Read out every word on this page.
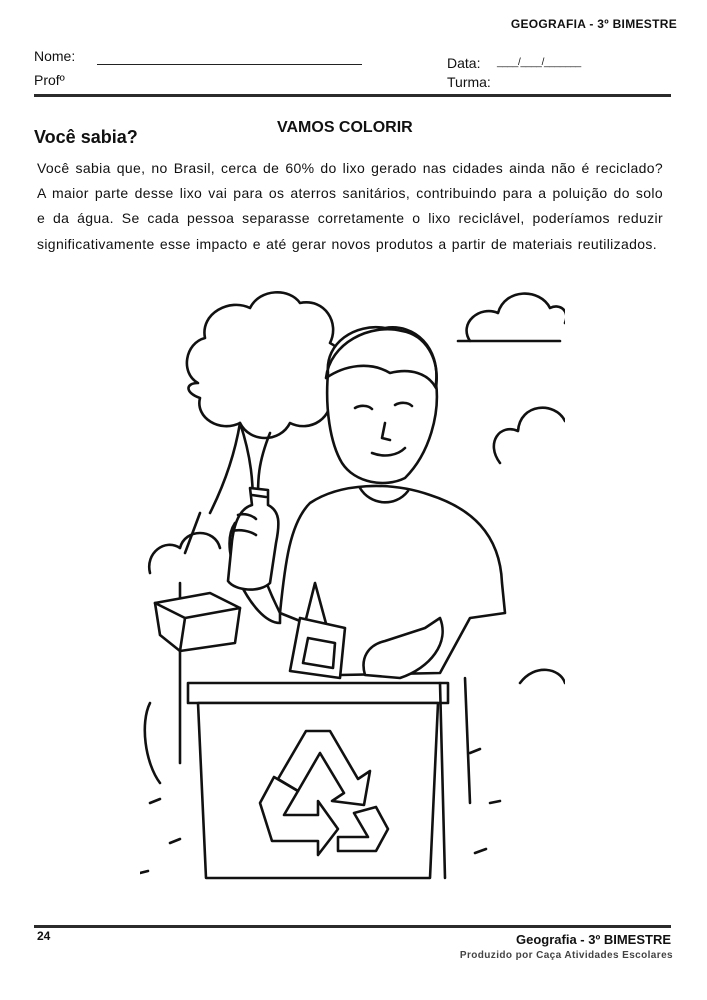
GEOGRAFIA - 3º BIMESTRE
Nome:
Profº
Data: ____/____/_______
Turma:
VAMOS COLORIR
Você sabia?
Você sabia que, no Brasil, cerca de 60% do lixo gerado nas cidades ainda não é reciclado? A maior parte desse lixo vai para os aterros sanitários, contribuindo para a poluição do solo e da água. Se cada pessoa separasse corretamente o lixo reciclável, poderíamos reduzir significativamente esse impacto e até gerar novos produtos a partir de materiais reutilizados.
24	Geografia - 3º BIMESTRE
Produzido por Caça Atividades Escolares
